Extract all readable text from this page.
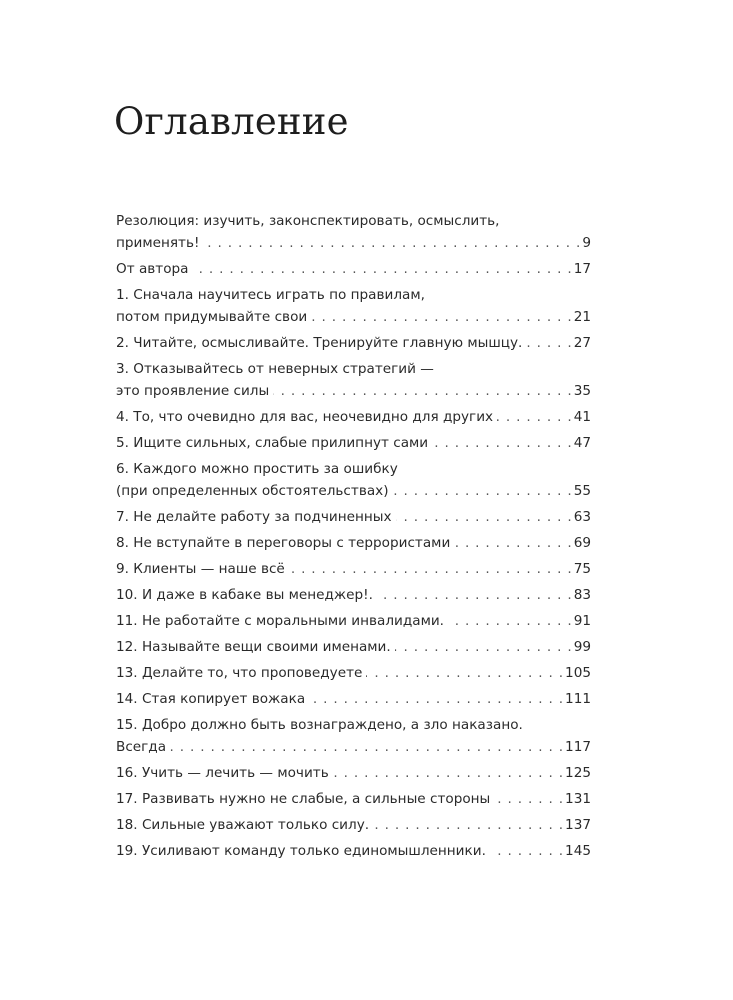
Оглавление
Резолюция: изучить, законспектировать, осмыслить,
применять! . . .	9
От автора . . .	17
1. Сначала научитесь играть по правилам,
потом придумывайте свои . . .	21
2. Читайте, осмысливайте. Тренируйте главную мышцу. . . .	27
3. Отказывайтесь от неверных стратегий —
это проявление силы . . .	35
4. То, что очевидно для вас, неочевидно для других . . .	41
5. Ищите сильных, слабые прилипнут сами . . .	47
6. Каждого можно простить за ошибку
(при определенных обстоятельствах) . . .	55
7. Не делайте работу за подчиненных . . .	63
8. Не вступайте в переговоры с террористами . . .	69
9. Клиенты — наше всё . . .	75
10. И даже в кабаке вы менеджер!. . . .	83
11. Не работайте с моральными инвалидами. . . .	91
12. Называйте вещи своими именами. . . .	99
13. Делайте то, что проповедуете . . .	105
14. Стая копирует вожака . . .	111
15. Добро должно быть вознаграждено, а зло наказано.
Всегда . . .	117
16. Учить — лечить — мочить . . .	125
17. Развивать нужно не слабые, а сильные стороны . . .	131
18. Сильные уважают только силу. . . .	137
19. Усиливают команду только единомышленники. . . .	145
